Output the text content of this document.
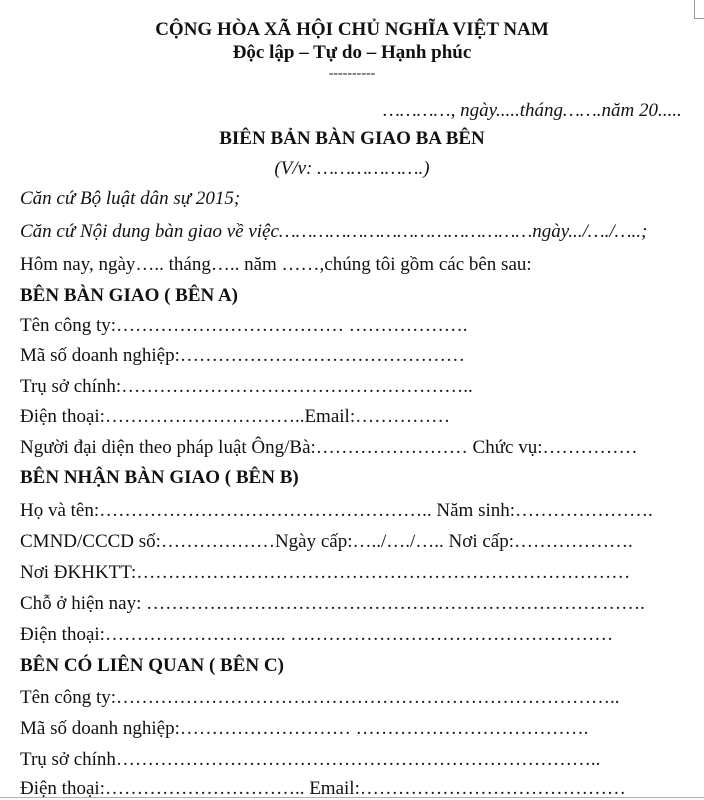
CỘNG HÒA XÃ HỘI CHỦ NGHĨA VIỆT NAM
Độc lập – Tự do – Hạnh phúc
----------
…………, ngày.....tháng…….năm 20.....
BIÊN BẢN BÀN GIAO BA BÊN
(V/v: ……………….)
Căn cứ Bộ luật dân sự 2015;
Căn cứ Nội dung bàn giao về việc………………………………………ngày.../…./…..;
Hôm nay, ngày….. tháng….. năm ……,chúng tôi gồm các bên sau:
BÊN BÀN GIAO ( BÊN A)
Tên công ty:……………………………… ……………….
Mã số doanh nghiệp:………………………………………
Trụ sở chính:………………………………………………..
Điện thoại:…………………………..Email:……………
Người đại diện theo pháp luật Ông/Bà:…………………… Chức vụ:……………
BÊN NHẬN BÀN GIAO ( BÊN B)
Họ và tên:…………………………………………….. Năm sinh:………………….
CMND/CCCD số:………………Ngày cấp:…../…./….. Nơi cấp:……………….
Nơi ĐKHKTT:……………………………………………………………………
Chỗ ở hiện nay: …………………………………………………………………….
Điện thoại:……………………….. ……………………………………………
BÊN CÓ LIÊN QUAN ( BÊN C)
Tên công ty:……………………………………………………………………..
Mã số doanh nghiệp:……………………… ……………………………….
Trụ sở chính…………………………………………………………………..
Điện thoại:………………………….. Email:……………………………………
